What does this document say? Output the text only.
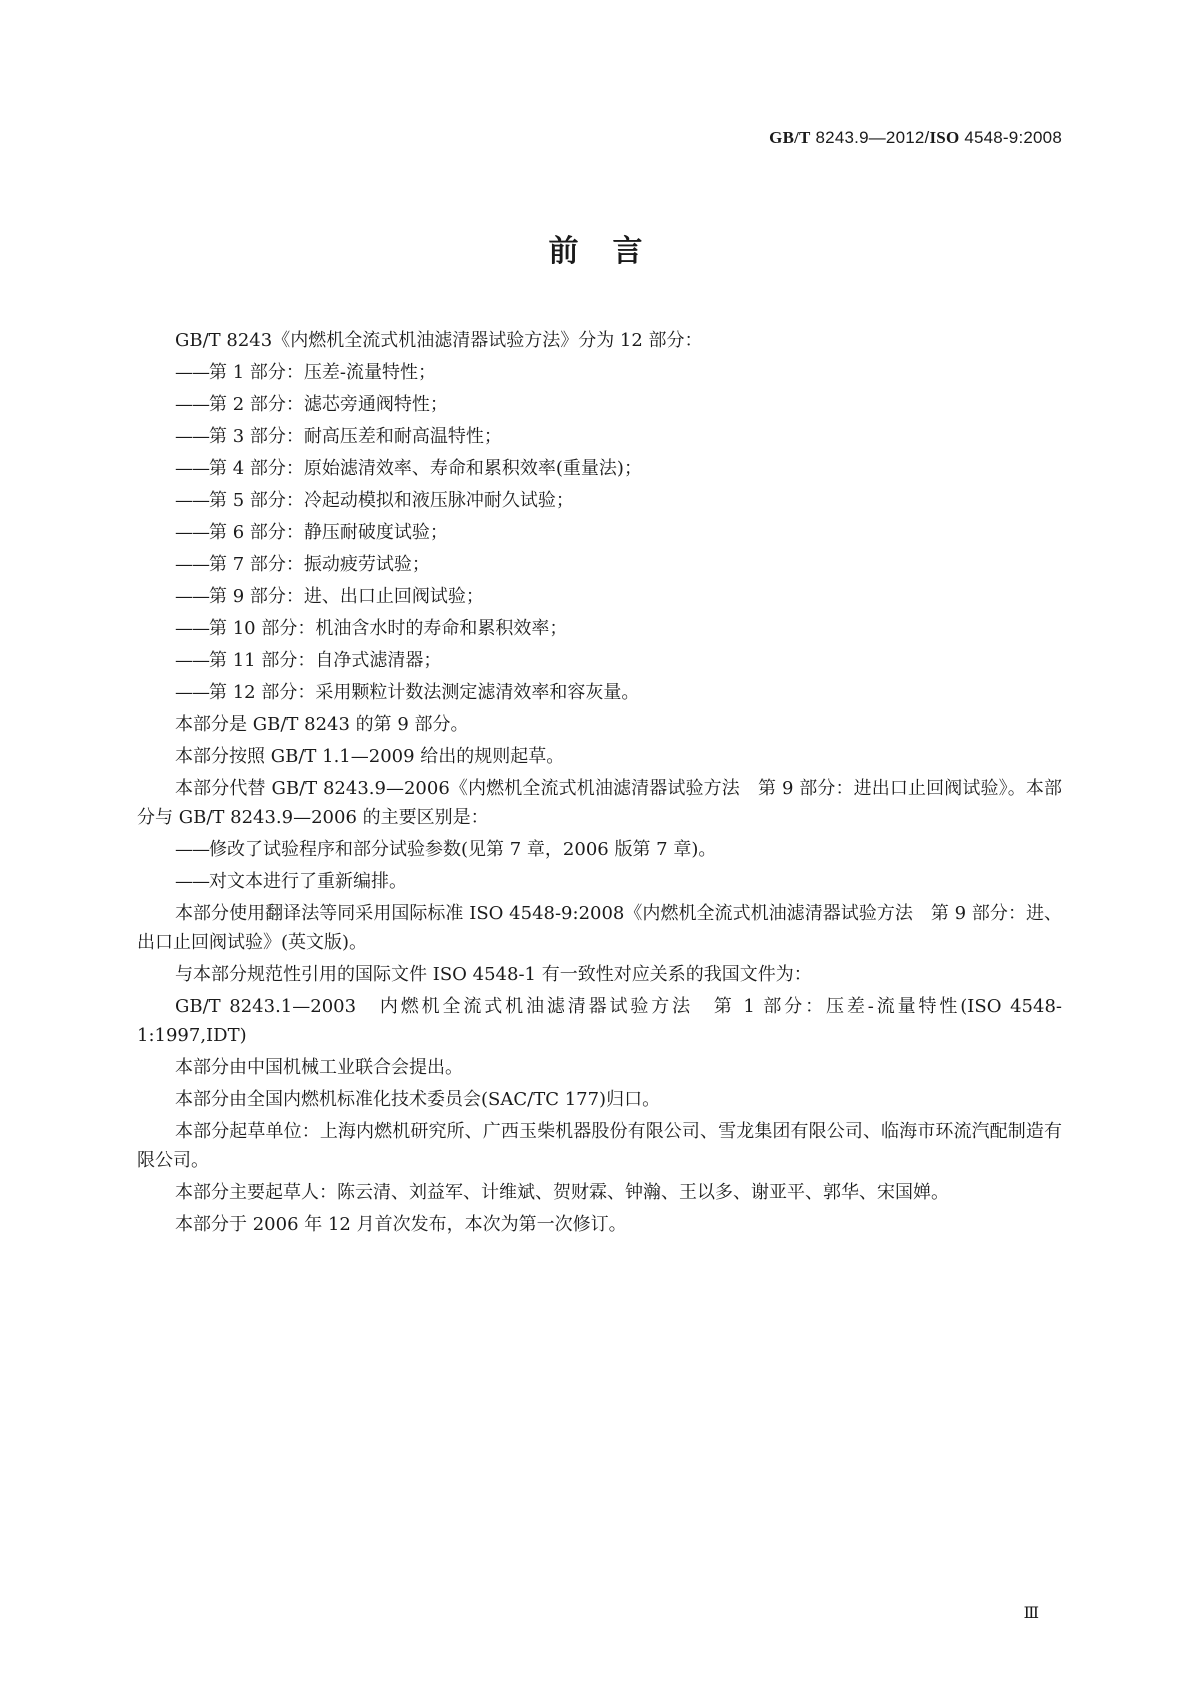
GB/T 8243.9—2012/ISO 4548-9:2008
前言
GB/T 8243《内燃机全流式机油滤清器试验方法》分为 12 部分：
——第 1 部分：压差-流量特性；
——第 2 部分：滤芯旁通阀特性；
——第 3 部分：耐高压差和耐高温特性；
——第 4 部分：原始滤清效率、寿命和累积效率(重量法)；
——第 5 部分：冷起动模拟和液压脉冲耐久试验；
——第 6 部分：静压耐破度试验；
——第 7 部分：振动疲劳试验；
——第 9 部分：进、出口止回阀试验；
——第 10 部分：机油含水时的寿命和累积效率；
——第 11 部分：自净式滤清器；
——第 12 部分：采用颗粒计数法测定滤清效率和容灰量。
本部分是 GB/T 8243 的第 9 部分。
本部分按照 GB/T 1.1—2009 给出的规则起草。
本部分代替 GB/T 8243.9—2006《内燃机全流式机油滤清器试验方法　第 9 部分：进出口止回阀试验》。本部分与 GB/T 8243.9—2006 的主要区别是：
——修改了试验程序和部分试验参数(见第 7 章，2006 版第 7 章)。
——对文本进行了重新编排。
本部分使用翻译法等同采用国际标准 ISO 4548-9:2008《内燃机全流式机油滤清器试验方法　第 9 部分：进、出口止回阀试验》(英文版)。
与本部分规范性引用的国际文件 ISO 4548-1 有一致性对应关系的我国文件为：
GB/T 8243.1—2003　内燃机全流式机油滤清器试验方法　第 1 部分：压差-流量特性(ISO 4548-1:1997,IDT)
本部分由中国机械工业联合会提出。
本部分由全国内燃机标准化技术委员会(SAC/TC 177)归口。
本部分起草单位：上海内燃机研究所、广西玉柴机器股份有限公司、雪龙集团有限公司、临海市环流汽配制造有限公司。
本部分主要起草人：陈云清、刘益军、计维斌、贺财霖、钟瀚、王以多、谢亚平、郭华、宋国婵。
本部分于 2006 年 12 月首次发布，本次为第一次修订。
Ⅲ
